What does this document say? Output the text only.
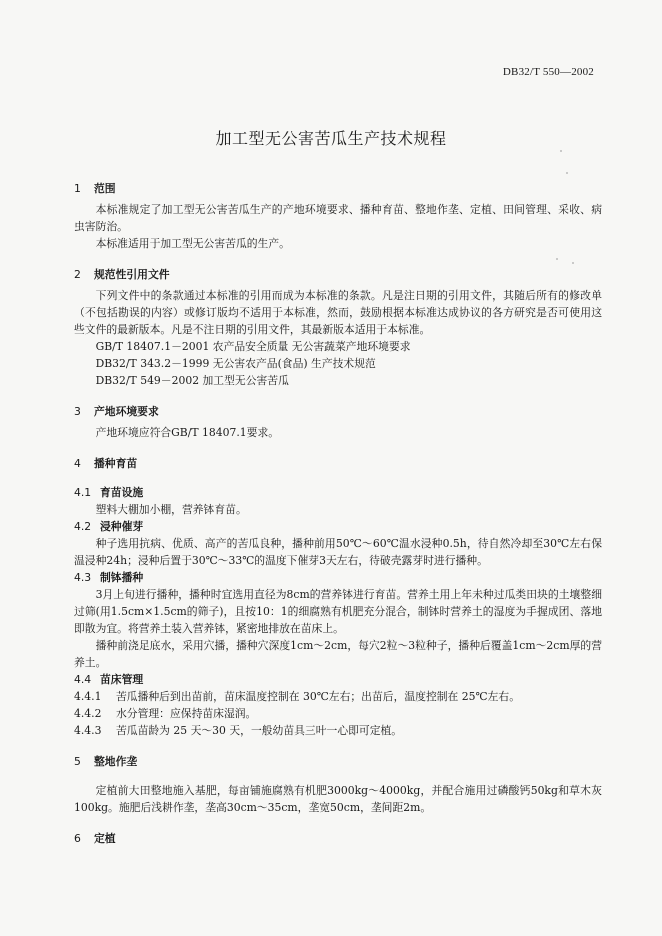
DB32/T 550—2002
加工型无公害苦瓜生产技术规程
1 范围

本标准规定了加工型无公害苦瓜生产的产地环境要求、播种育苗、整地作垄、定植、田间管理、采收、病虫害防治。

本标准适用于加工型无公害苦瓜的生产。

2 规范性引用文件

下列文件中的条款通过本标准的引用而成为本标准的条款。凡是注日期的引用文件，其随后所有的修改单（不包括勘误的内容）或修订版均不适用于本标准，然而，鼓励根据本标准达成协议的各方研究是否可使用这些文件的最新版本。凡是不注日期的引用文件，其最新版本适用于本标准。

GB/T 18407.1－2001 农产品安全质量 无公害蔬菜产地环境要求

DB32/T 343.2－1999 无公害农产品(食品) 生产技术规范

DB32/T 549－2002 加工型无公害苦瓜

3 产地环境要求

产地环境应符合GB/T 18407.1要求。

4 播种育苗
4.1 育苗设施

塑料大棚加小棚，营养钵育苗。

4.2 浸种催芽

种子选用抗病、优质、高产的苦瓜良种，播种前用50℃～60℃温水浸种0.5h，待自然冷却至30℃左右保温浸种24h；浸种后置于30℃～33℃的温度下催芽3天左右，待破壳露芽时进行播种。

4.3 制钵播种

3月上旬进行播种，播种时宜选用直径为8cm的营养钵进行育苗。营养土用上年未种过瓜类田块的土壤整细过筛(用1.5cm×1.5cm的筛子)，且按10：1的细腐熟有机肥充分混合，制钵时营养土的湿度为手握成团、落地即散为宜。将营养土装入营养钵，紧密地排放在苗床上。

播种前浇足底水，采用穴播，播种穴深度1cm～2cm，每穴2粒～3粒种子，播种后覆盖1cm～2cm厚的营养土。

4.4 苗床管理

4.4.1 苦瓜播种后到出苗前，苗床温度控制在 30℃左右；出苗后，温度控制在 25℃左右。

4.4.2 水分管理：应保持苗床湿润。

4.4.3 苦瓜苗龄为 25 天～30 天，一般幼苗具三叶一心即可定植。

5 整地作垄

定植前大田整地施入基肥，每亩铺施腐熟有机肥3000kg～4000kg，并配合施用过磷酸钙50kg和草木灰100kg。施肥后浅耕作垄，垄高30cm～35cm，垄宽50cm，垄间距2m。

6 定植
